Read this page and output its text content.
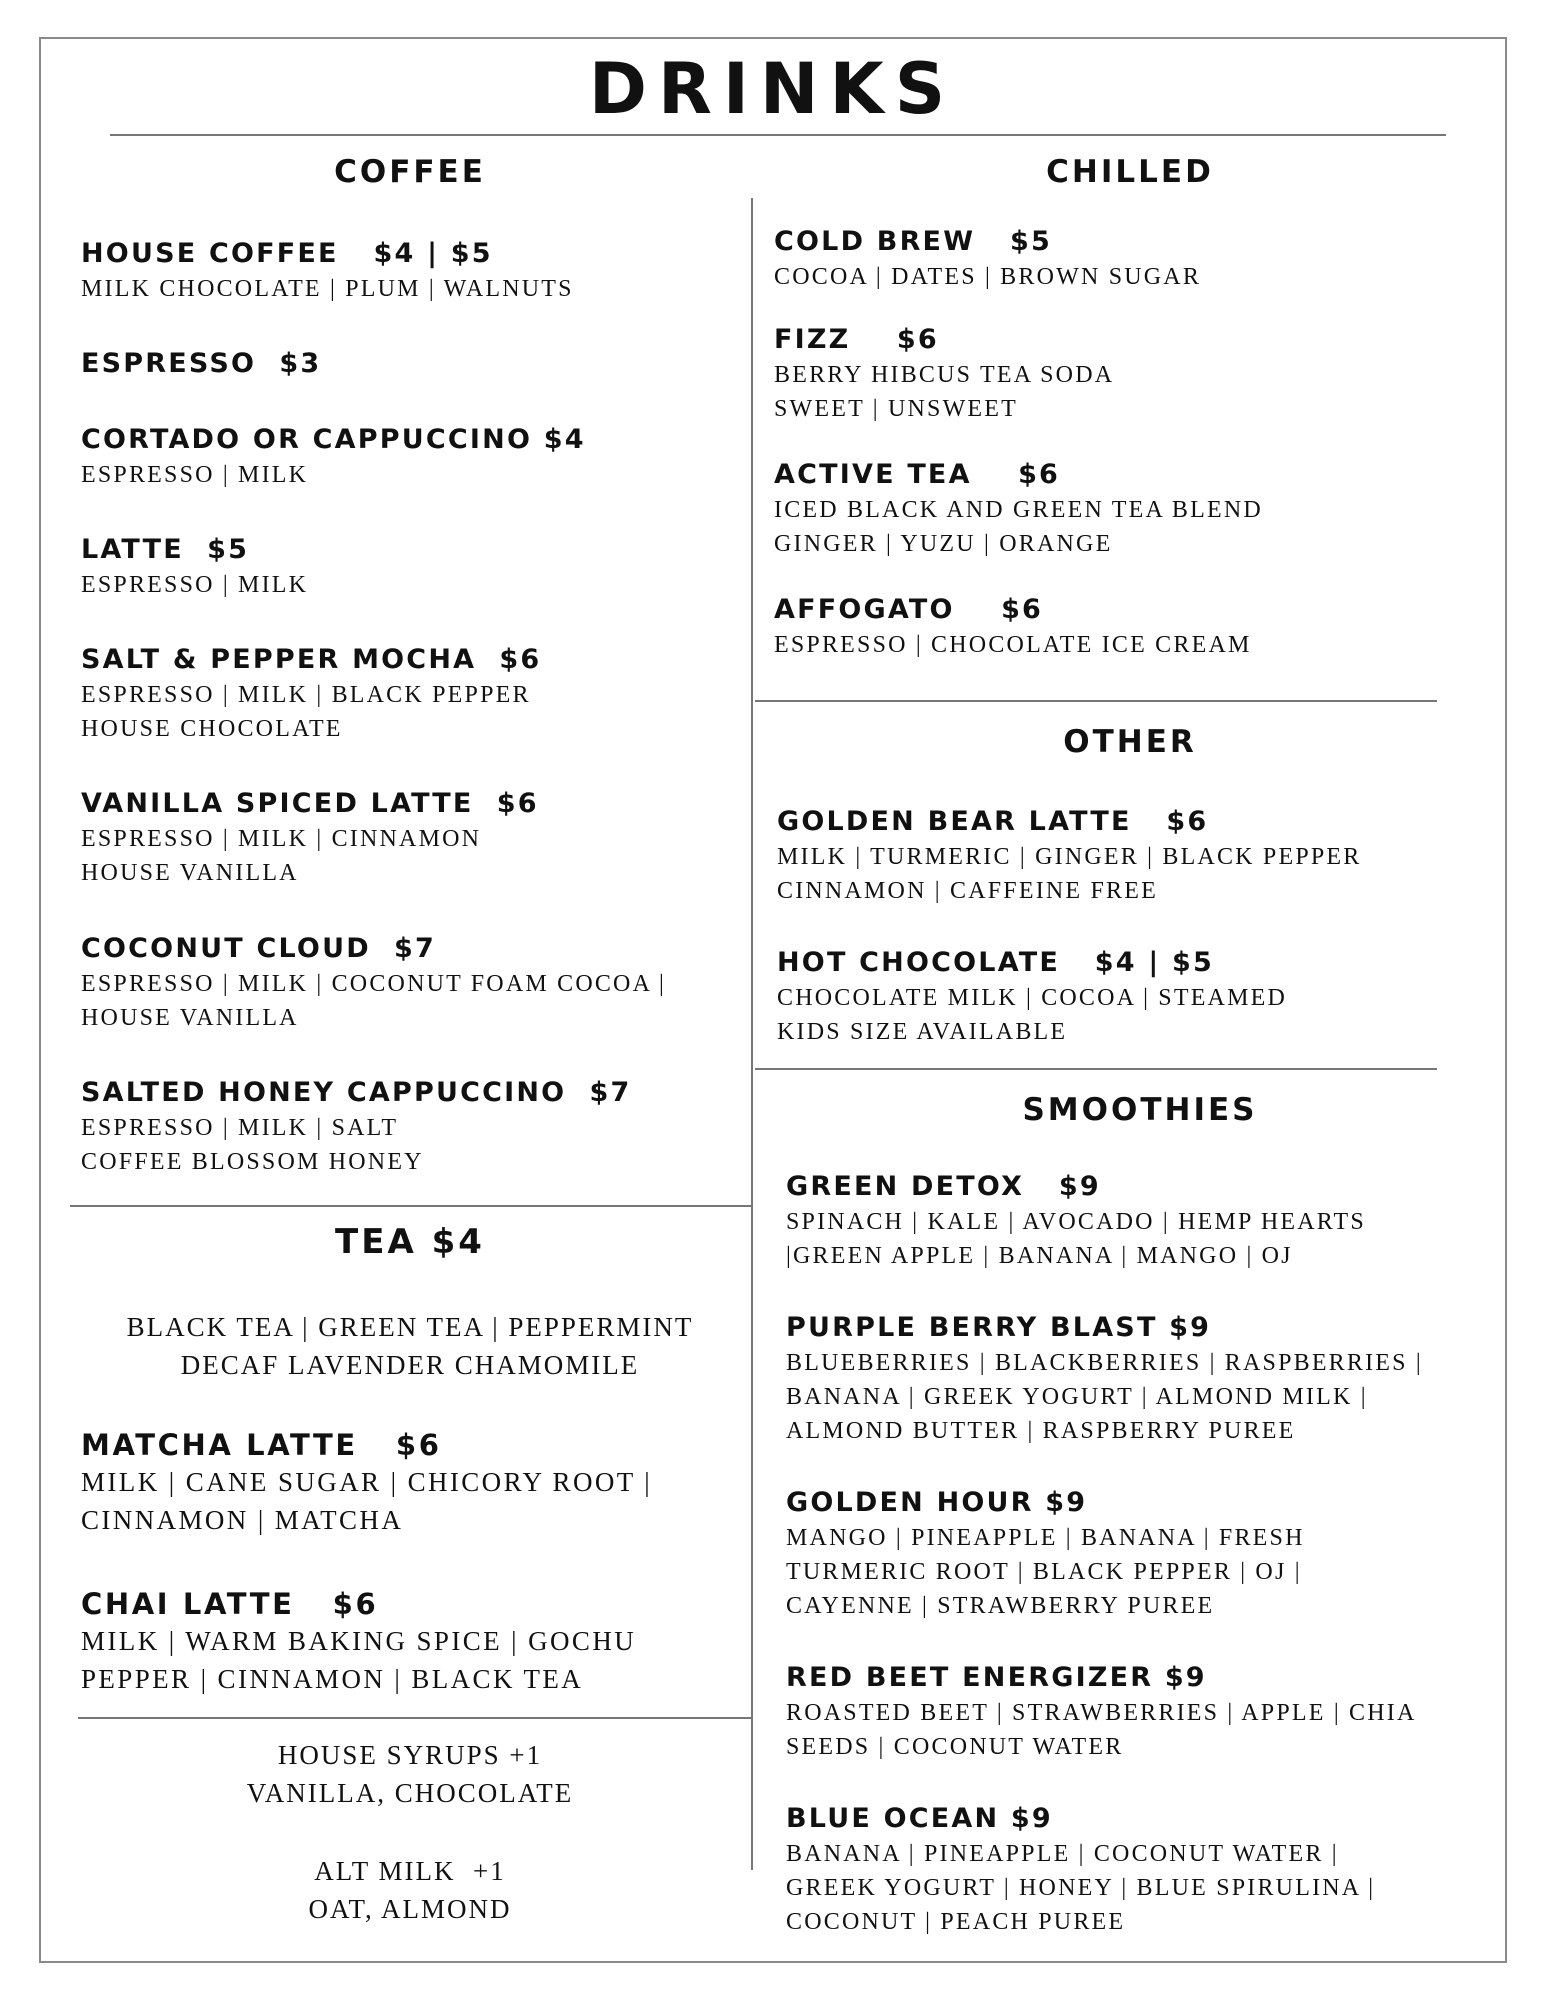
DRINKS
COFFEE
HOUSE COFFEE   $4 | $5
MILK CHOCOLATE | PLUM | WALNUTS
ESPRESSO  $3
CORTADO OR CAPPUCCINO $4
ESPRESSO | MILK
LATTE  $5
ESPRESSO | MILK
SALT & PEPPER MOCHA  $6
ESPRESSO | MILK | BLACK PEPPER
HOUSE CHOCOLATE
VANILLA SPICED LATTE  $6
ESPRESSO | MILK | CINNAMON
HOUSE VANILLA
COCONUT CLOUD  $7
ESPRESSO | MILK | COCONUT FOAM COCOA |
HOUSE VANILLA
SALTED HONEY CAPPUCCINO  $7
ESPRESSO | MILK | SALT
COFFEE BLOSSOM HONEY
TEA $4
BLACK TEA | GREEN TEA | PEPPERMINT
DECAF LAVENDER CHAMOMILE
MATCHA LATTE   $6
MILK | CANE SUGAR | CHICORY ROOT |
CINNAMON | MATCHA
CHAI LATTE   $6
MILK | WARM BAKING SPICE | GOCHU
PEPPER | CINNAMON | BLACK TEA
HOUSE SYRUPS +1
VANILLA, CHOCOLATE
ALT MILK  +1
OAT, ALMOND
CHILLED
COLD BREW   $5
COCOA | DATES | BROWN SUGAR
FIZZ    $6
BERRY HIBCUS TEA SODA
SWEET | UNSWEET
ACTIVE TEA    $6
ICED BLACK AND GREEN TEA BLEND
GINGER | YUZU | ORANGE
AFFOGATO    $6
ESPRESSO | CHOCOLATE ICE CREAM
OTHER
GOLDEN BEAR LATTE   $6
MILK | TURMERIC | GINGER | BLACK PEPPER
CINNAMON | CAFFEINE FREE
HOT CHOCOLATE   $4 | $5
CHOCOLATE MILK | COCOA | STEAMED
KIDS SIZE AVAILABLE
SMOOTHIES
GREEN DETOX   $9
SPINACH | KALE | AVOCADO | HEMP HEARTS
|GREEN APPLE | BANANA | MANGO | OJ
PURPLE BERRY BLAST $9
BLUEBERRIES | BLACKBERRIES | RASPBERRIES |
BANANA | GREEK YOGURT | ALMOND MILK |
ALMOND BUTTER | RASPBERRY PUREE
GOLDEN HOUR $9
MANGO | PINEAPPLE | BANANA | FRESH
TURMERIC ROOT | BLACK PEPPER | OJ |
CAYENNE | STRAWBERRY PUREE
RED BEET ENERGIZER $9
ROASTED BEET | STRAWBERRIES | APPLE | CHIA
SEEDS | COCONUT WATER
BLUE OCEAN $9
BANANA | PINEAPPLE | COCONUT WATER |
GREEK YOGURT | HONEY | BLUE SPIRULINA |
COCONUT | PEACH PUREE
